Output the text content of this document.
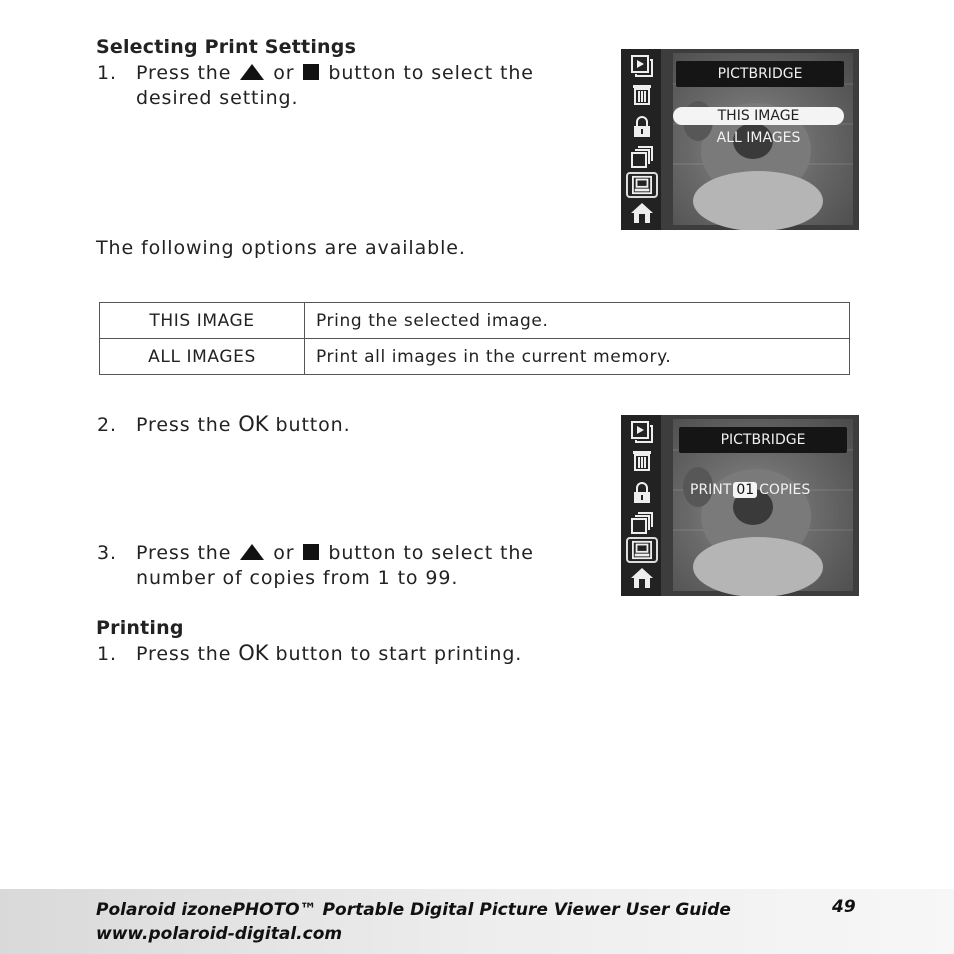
Selecting Print Settings
1. Press the or button to select the
desired setting.
PICTBRIDGE
THIS IMAGE
ALL IMAGES
The following options are available.
THIS IMAGE	Pring the selected image.
ALL IMAGES	Print all images in the current memory.
2. Press the OK button.
3. Press the or button to select the
number of copies from 1 to 99.
PICTBRIDGE
PRINT 01 COPIES
Printing
1. Press the OK button to start printing.
Polaroid izonePHOTO™ Portable Digital Picture Viewer User Guide
www.polaroid-digital.com
49
